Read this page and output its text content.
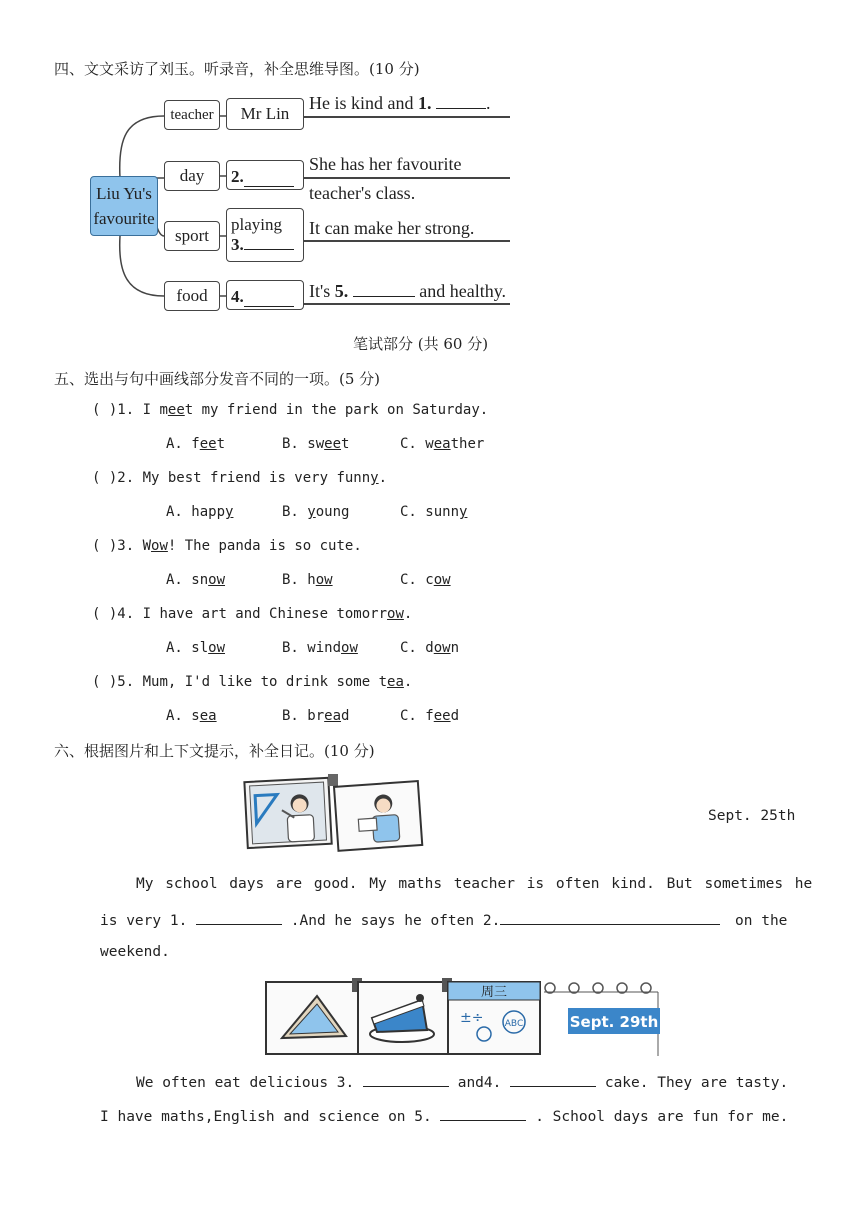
四、文文采访了刘玉。听录音，补全思维导图。(10 分)
Liu Yu's
favourite
teacher	Mr Lin
He is kind and 1.	.
day	2.
She has her favourite
teacher's class.
sport
playing
3.
It can make her strong.
food	4.	It's 5.	and healthy.
笔试部分 (共 60 分)
五、选出与句中画线部分发音不同的一项。(5 分)
( )1. I meet my friend in the park on Saturday.
A. feet	B. sweet	C. weather
( )2. My best friend is very funny.
A. happy	B. young	C. sunny
( )3. Wow! The panda is so cute.
A. snow	B. how	C. cow
( )4. I have art and Chinese tomorrow.
A. slow	B. window	C. down
( )5. Mum, I'd like to drink some tea.
A. sea	B. bread	C. feed
六、根据图片和上下文提示，补全日记。(10 分)
Sept. 25th
My school days are good. My maths teacher is often kind. But sometimes he
is very 1.	.And he says he often 2.	on the
weekend.
周三
±÷ ABC	Sept. 29th
We often eat delicious 3.	and4.	cake. They are tasty.
I have maths,English and science on 5.	. School days are fun for me.
